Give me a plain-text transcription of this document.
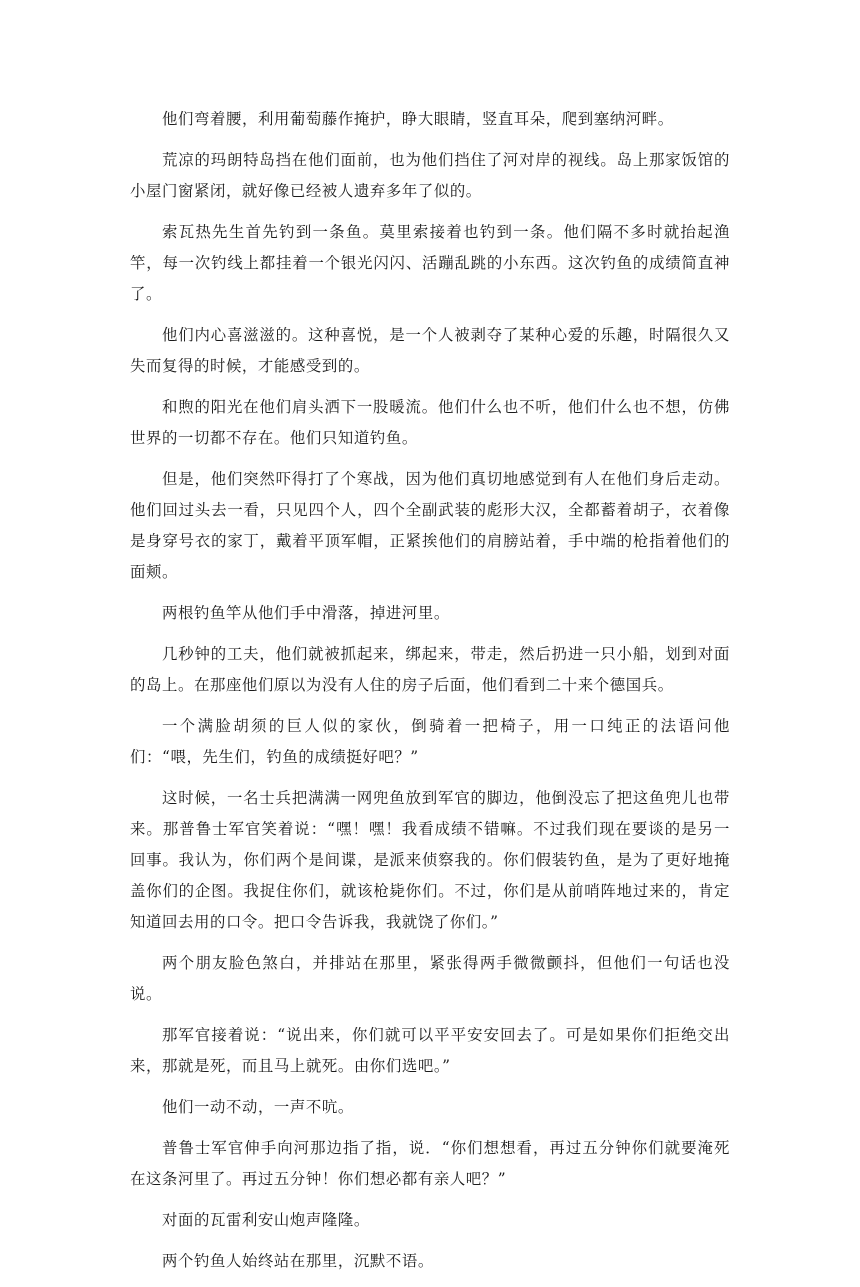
他们弯着腰，利用葡萄藤作掩护，睁大眼睛，竖直耳朵，爬到塞纳河畔。

荒凉的玛朗特岛挡在他们面前，也为他们挡住了河对岸的视线。岛上那家饭馆的小屋门窗紧闭，就好像已经被人遗弃多年了似的。

索瓦热先生首先钓到一条鱼。莫里索接着也钓到一条。他们隔不多时就抬起渔竿，每一次钓线上都挂着一个银光闪闪、活蹦乱跳的小东西。这次钓鱼的成绩简直神了。

他们内心喜滋滋的。这种喜悦，是一个人被剥夺了某种心爱的乐趣，时隔很久又失而复得的时候，才能感受到的。

和煦的阳光在他们肩头洒下一股暖流。他们什么也不听，他们什么也不想，仿佛世界的一切都不存在。他们只知道钓鱼。

但是，他们突然吓得打了个寒战，因为他们真切地感觉到有人在他们身后走动。他们回过头去一看，只见四个人，四个全副武装的彪形大汉，全都蓄着胡子，衣着像是身穿号衣的家丁，戴着平顶军帽，正紧挨他们的肩膀站着，手中端的枪指着他们的面颊。

两根钓鱼竿从他们手中滑落，掉进河里。

几秒钟的工夫，他们就被抓起来，绑起来，带走，然后扔进一只小船，划到对面的岛上。在那座他们原以为没有人住的房子后面，他们看到二十来个德国兵。

一个满脸胡须的巨人似的家伙，倒骑着一把椅子，用一口纯正的法语问他们：“喂，先生们，钓鱼的成绩挺好吧？”

这时候，一名士兵把满满一网兜鱼放到军官的脚边，他倒没忘了把这鱼兜儿也带来。那普鲁士军官笑着说：“嘿！嘿！我看成绩不错嘛。不过我们现在要谈的是另一回事。我认为，你们两个是间谍，是派来侦察我的。你们假装钓鱼，是为了更好地掩盖你们的企图。我捉住你们，就该枪毙你们。不过，你们是从前哨阵地过来的，肯定知道回去用的口令。把口令告诉我，我就饶了你们。”

两个朋友脸色煞白，并排站在那里，紧张得两手微微颤抖，但他们一句话也没说。

那军官接着说：“说出来，你们就可以平平安安回去了。可是如果你们拒绝交出来，那就是死，而且马上就死。由你们选吧。”

他们一动不动，一声不吭。

普鲁士军官伸手向河那边指了指，说．“你们想想看，再过五分钟你们就要淹死在这条河里了。再过五分钟！你们想必都有亲人吧？”

对面的瓦雷利安山炮声隆隆。

两个钓鱼人始终站在那里，沉默不语。
